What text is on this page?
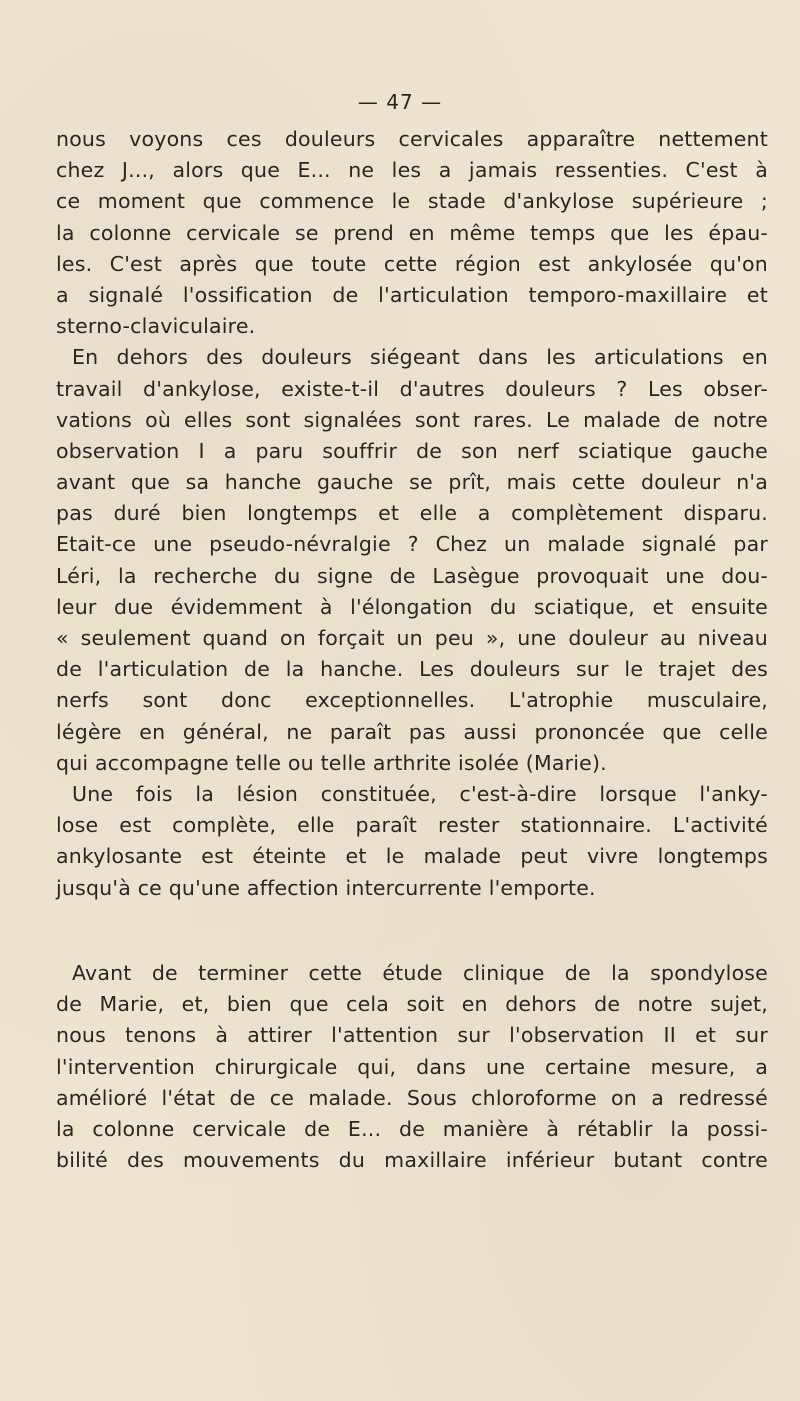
— 47 —
nous voyons ces douleurs cervicales apparaître nettement
chez J..., alors que E... ne les a jamais ressenties. C'est à
ce moment que commence le stade d'ankylose supérieure ;
la colonne cervicale se prend en même temps que les épau-
les. C'est après que toute cette région est ankylosée qu'on
a signalé l'ossification de l'articulation temporo-maxillaire et
sterno-claviculaire.
En dehors des douleurs siégeant dans les articulations en
travail d'ankylose, existe-t-il d'autres douleurs ? Les obser-
vations où elles sont signalées sont rares. Le malade de notre
observation I a paru souffrir de son nerf sciatique gauche
avant que sa hanche gauche se prît, mais cette douleur n'a
pas duré bien longtemps et elle a complètement disparu.
Etait-ce une pseudo-névralgie ? Chez un malade signalé par
Léri, la recherche du signe de Lasègue provoquait une dou-
leur due évidemment à l'élongation du sciatique, et ensuite
« seulement quand on forçait un peu », une douleur au niveau
de l'articulation de la hanche. Les douleurs sur le trajet des
nerfs sont donc exceptionnelles. L'atrophie musculaire,
légère en général, ne paraît pas aussi prononcée que celle
qui accompagne telle ou telle arthrite isolée (Marie).
Une fois la lésion constituée, c'est-à-dire lorsque l'anky-
lose est complète, elle paraît rester stationnaire. L'activité
ankylosante est éteinte et le malade peut vivre longtemps
jusqu'à ce qu'une affection intercurrente l'emporte.
Avant de terminer cette étude clinique de la spondylose
de Marie, et, bien que cela soit en dehors de notre sujet,
nous tenons à attirer l'attention sur l'observation II et sur
l'intervention chirurgicale qui, dans une certaine mesure, a
amélioré l'état de ce malade. Sous chloroforme on a redressé
la colonne cervicale de E... de manière à rétablir la possi-
bilité des mouvements du maxillaire inférieur butant contre
